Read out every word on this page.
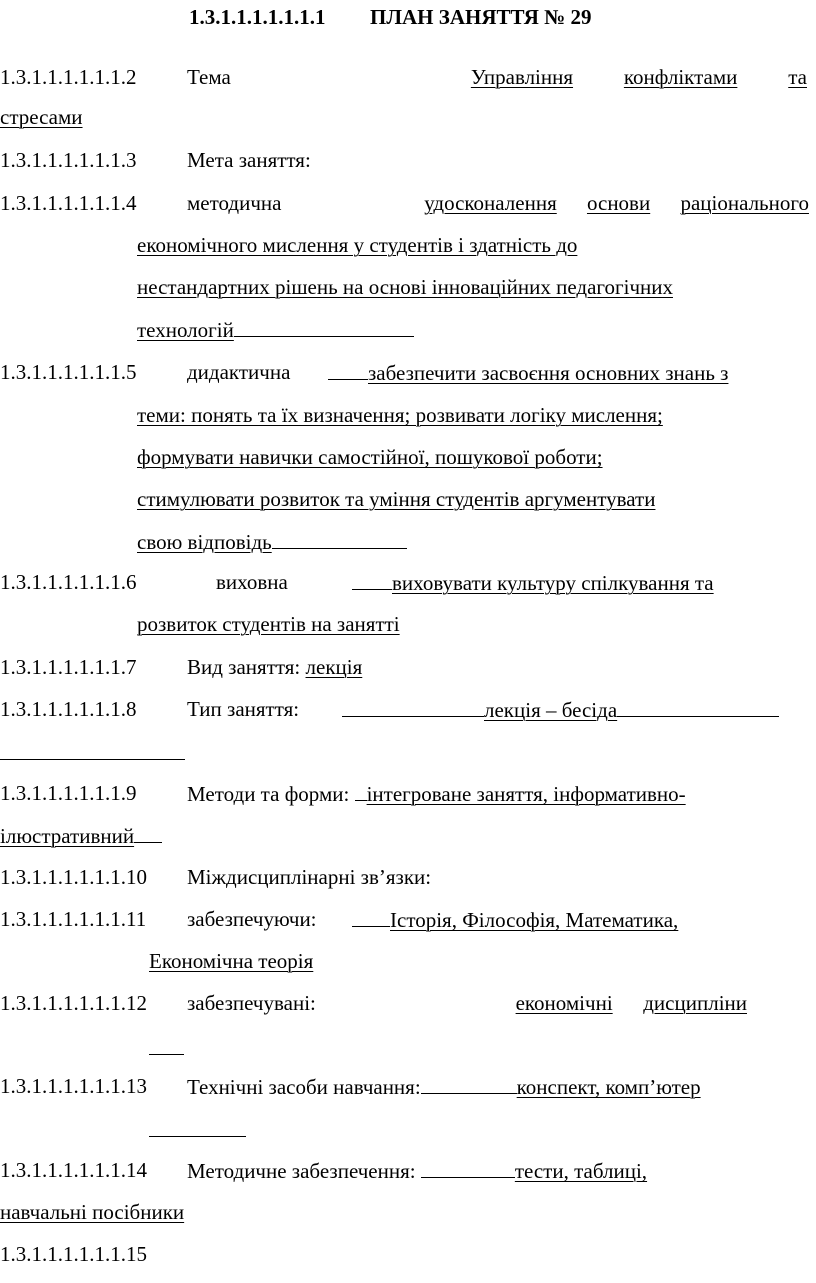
1.3.1.1.1.1.1.1.1 ПЛАН ЗАНЯТТЯ № 29
1.3.1.1.1.1.1.1.2 Тема	Управління конфліктами та
стресами
1.3.1.1.1.1.1.1.3 Мета заняття:
1.3.1.1.1.1.1.1.4 методична	удосконалення основи раціонального
економічного мислення у студентів і здатність до
нестандартних рішень на основі інноваційних педагогічних
технологій
1.3.1.1.1.1.1.1.5 дидактична	забезпечити засвоєння основних знань з
теми: понять та їх визначення; розвивати логіку мислення;
формувати навички самостійної, пошукової роботи;
стимулювати розвиток та уміння студентів аргументувати
свою відповідь
1.3.1.1.1.1.1.1.6	виховна	виховувати культуру спілкування та
розвиток студентів на занятті
1.3.1.1.1.1.1.1.7 Вид заняття: лекція
1.3.1.1.1.1.1.1.8 Тип заняття:	лекція – бесіда
1.3.1.1.1.1.1.1.9 Методи та форми: інтегроване заняття, інформативно-
ілюстративний
1.3.1.1.1.1.1.1.10 Міждисциплінарні зв’язки:
1.3.1.1.1.1.1.1.11 забезпечуючи:	Історія, Філософія, Математика,
Економічна теорія
1.3.1.1.1.1.1.1.12 забезпечувані:	економічні дисципліни
1.3.1.1.1.1.1.1.13 Технічні засоби навчання:	конспект, комп’ютер
1.3.1.1.1.1.1.1.14 Методичне забезпечення:	тести, таблиці,
навчальні посібники
1.3.1.1.1.1.1.1.15
